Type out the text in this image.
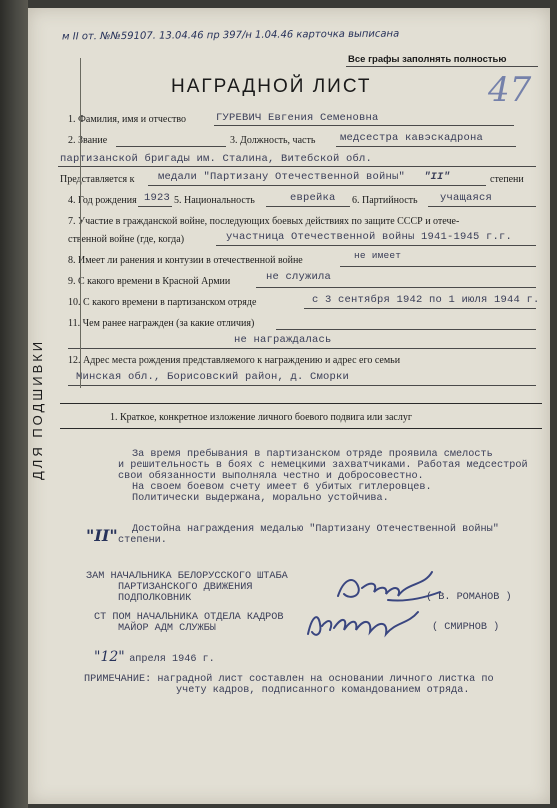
м II от. №№59107. 13.04.46 пр 397/н 1.04.46 карточка выписана
Все графы заполнять полностью
НАГРАДНОЙ ЛИСТ	47
1. Фамилия, имя и отчество	ГУРЕВИЧ Евгения Семеновна
2. Звание	3. Должность, часть медсестра кавэскадрона
партизанской бригады им. Сталина, Витебской обл.
Представляется к медали "Партизану Отечественной войны" "II"	степени
4. Год рождения 1923 5. Национальность	еврейка 6. Партийность учащаяся
7. Участие в гражданской войне, последующих боевых действиях по защите СССР и отече-
ственной войне (где, когда)	участница Отечественной войны 1941-1945 г.г.
8. Имеет ли ранения и контузии в отечественной войне	не имеет
9. С какого времени в Красной Армии	не служила
10. С какого времени в партизанском отряде	с 3 сентября 1942 по 1 июля 1944 г.
11. Чем ранее награжден (за какие отличия)
не награждалась
12. Адрес места рождения представляемого к награждению и адрес его семьи
Минская обл., Борисовский район, д. Сморки
1. Краткое, конкретное изложение личного боевого подвига или заслуг
За время пребывания в партизанском отряде проявила смелость
и решительность в боях с немецкими захватчиками. Работая медсестрой
свои обязанности выполняла честно и добросовестно.
На своем боевом счету имеет 6 убитых гитлеровцев.
Политически выдержана, морально устойчива.
Достойна награждения медалью "Партизану Отечественной войны"
"II" степени.
ЗАМ НАЧАЛЬНИКА БЕЛОРУССКОГО ШТАБА
ПАРТИЗАНСКОГО ДВИЖЕНИЯ
ПОДПОЛКОВНИК	( В. РОМАНОВ )
СТ ПОМ НАЧАЛЬНИКА ОТДЕЛА КАДРОВ
МАЙОР АДМ СЛУЖБЫ	( СМИРНОВ )
"12" апреля 1946 г.
ПРИМЕЧАНИЕ: наградной лист составлен на основании личного листка по
учету кадров, подписанного командованием отряда.
ДЛЯ ПОДШИВКИ
